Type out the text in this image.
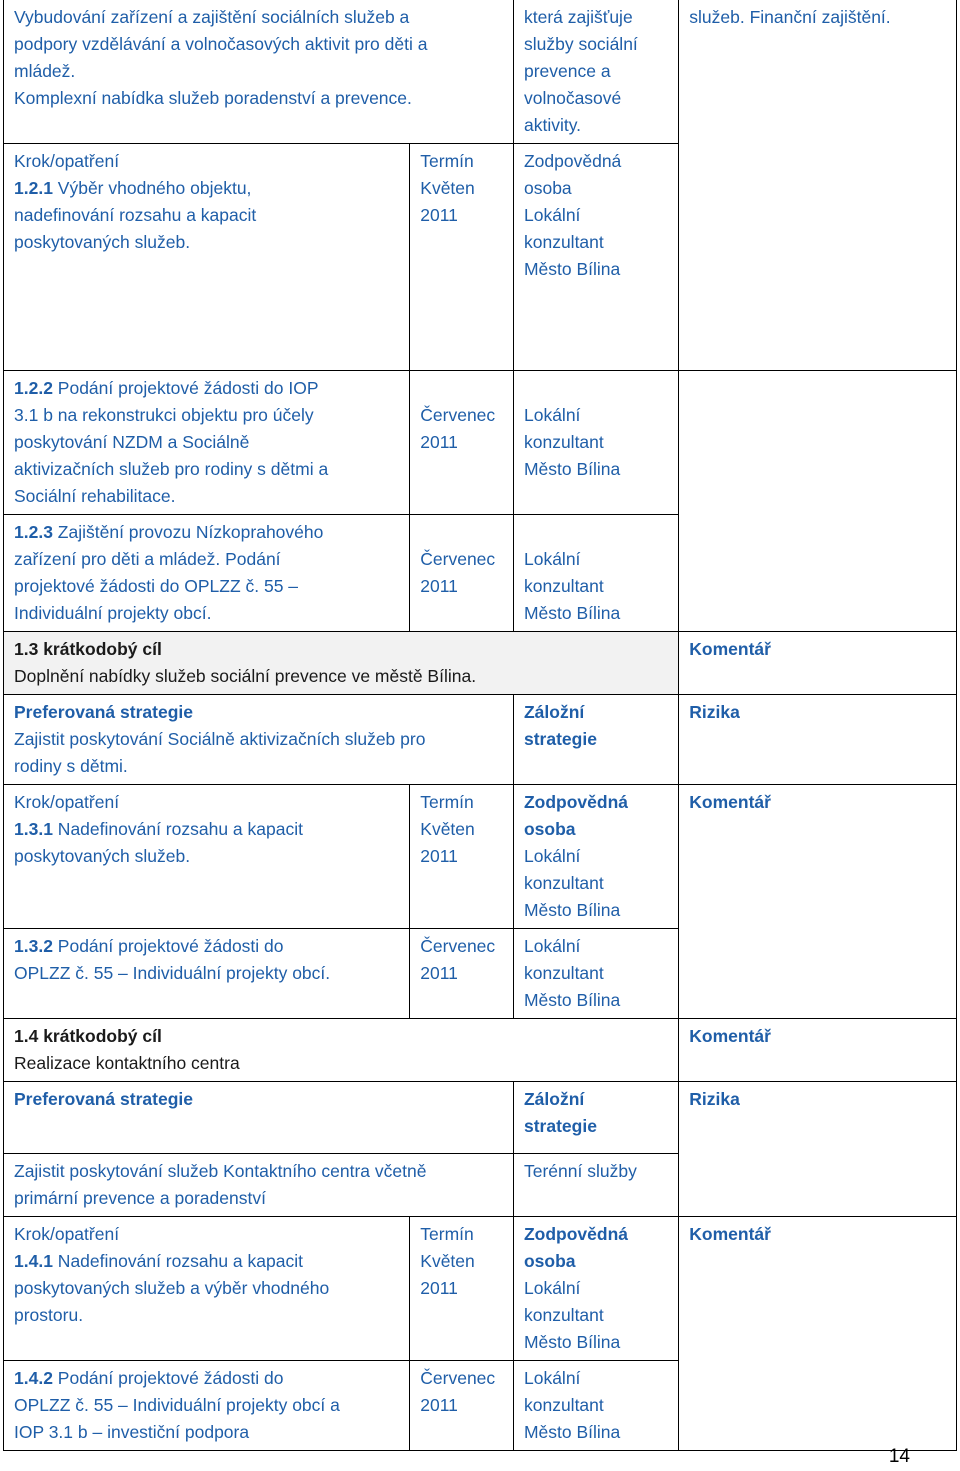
Vybudování zařízení a zajištění sociálních služeb a
podpory vzdělávání a volnočasových aktivit pro děti a
mládež.
Komplexní nabídka služeb poradenství a prevence.		která zajišťuje
služby sociální
prevence a
volnočasové
aktivity.	služeb. Finanční zajištění.

Krok/opatření
1.2.1 Výběr vhodného objektu,
nadefinování rozsahu a kapacit
poskytovaných služeb.	Termín
Květen
2011	Zodpovědná
osoba
Lokální
konzultant
Město Bílina	

1.2.2 Podání projektové žádosti do IOP
3.1 b na rekonstrukci objektu pro účely
poskytování NZDM a Sociálně
aktivizačních služeb pro rodiny s dětmi a
Sociální rehabilitace.	Červenec
2011	Lokální
konzultant
Město Bílina	

1.2.3 Zajištění provozu Nízkoprahového
zařízení pro děti a mládež. Podání
projektové žádosti do OPLZZ č. 55 –
Individuální projekty obcí.	Červenec
2011	Lokální
konzultant
Město Bílina	

1.3 krátkodobý cíl
Doplnění nabídky služeb sociální prevence ve městě Bílina.			Komentář

Preferovaná strategie
Zajistit poskytování Sociálně aktivizačních služeb pro
rodiny s dětmi.		Záložní
strategie	Rizika

Krok/opatření
1.3.1 Nadefinování rozsahu a kapacit
poskytovaných služeb.	Termín
Květen
2011	Zodpovědná
osoba
Lokální
konzultant
Město Bílina	Komentář

1.3.2 Podání projektové žádosti do
OPLZZ č. 55 – Individuální projekty obcí.	Červenec
2011	Lokální
konzultant
Město Bílina	

1.4 krátkodobý cíl
Realizace kontaktního centra			Komentář

Preferovaná strategie		Záložní
strategie	Rizika

Zajistit poskytování služeb Kontaktního centra včetně
primární prevence a poradenství		Terénní služby	

Krok/opatření
1.4.1 Nadefinování rozsahu a kapacit
poskytovaných služeb a výběr vhodného
prostoru.	Termín
Květen
2011	Zodpovědná
osoba
Lokální
konzultant
Město Bílina	Komentář

1.4.2 Podání projektové žádosti do
OPLZZ č. 55 – Individuální projekty obcí a
IOP 3.1 b – investiční podpora	Červenec
2011	Lokální
konzultant
Město Bílina	
14
